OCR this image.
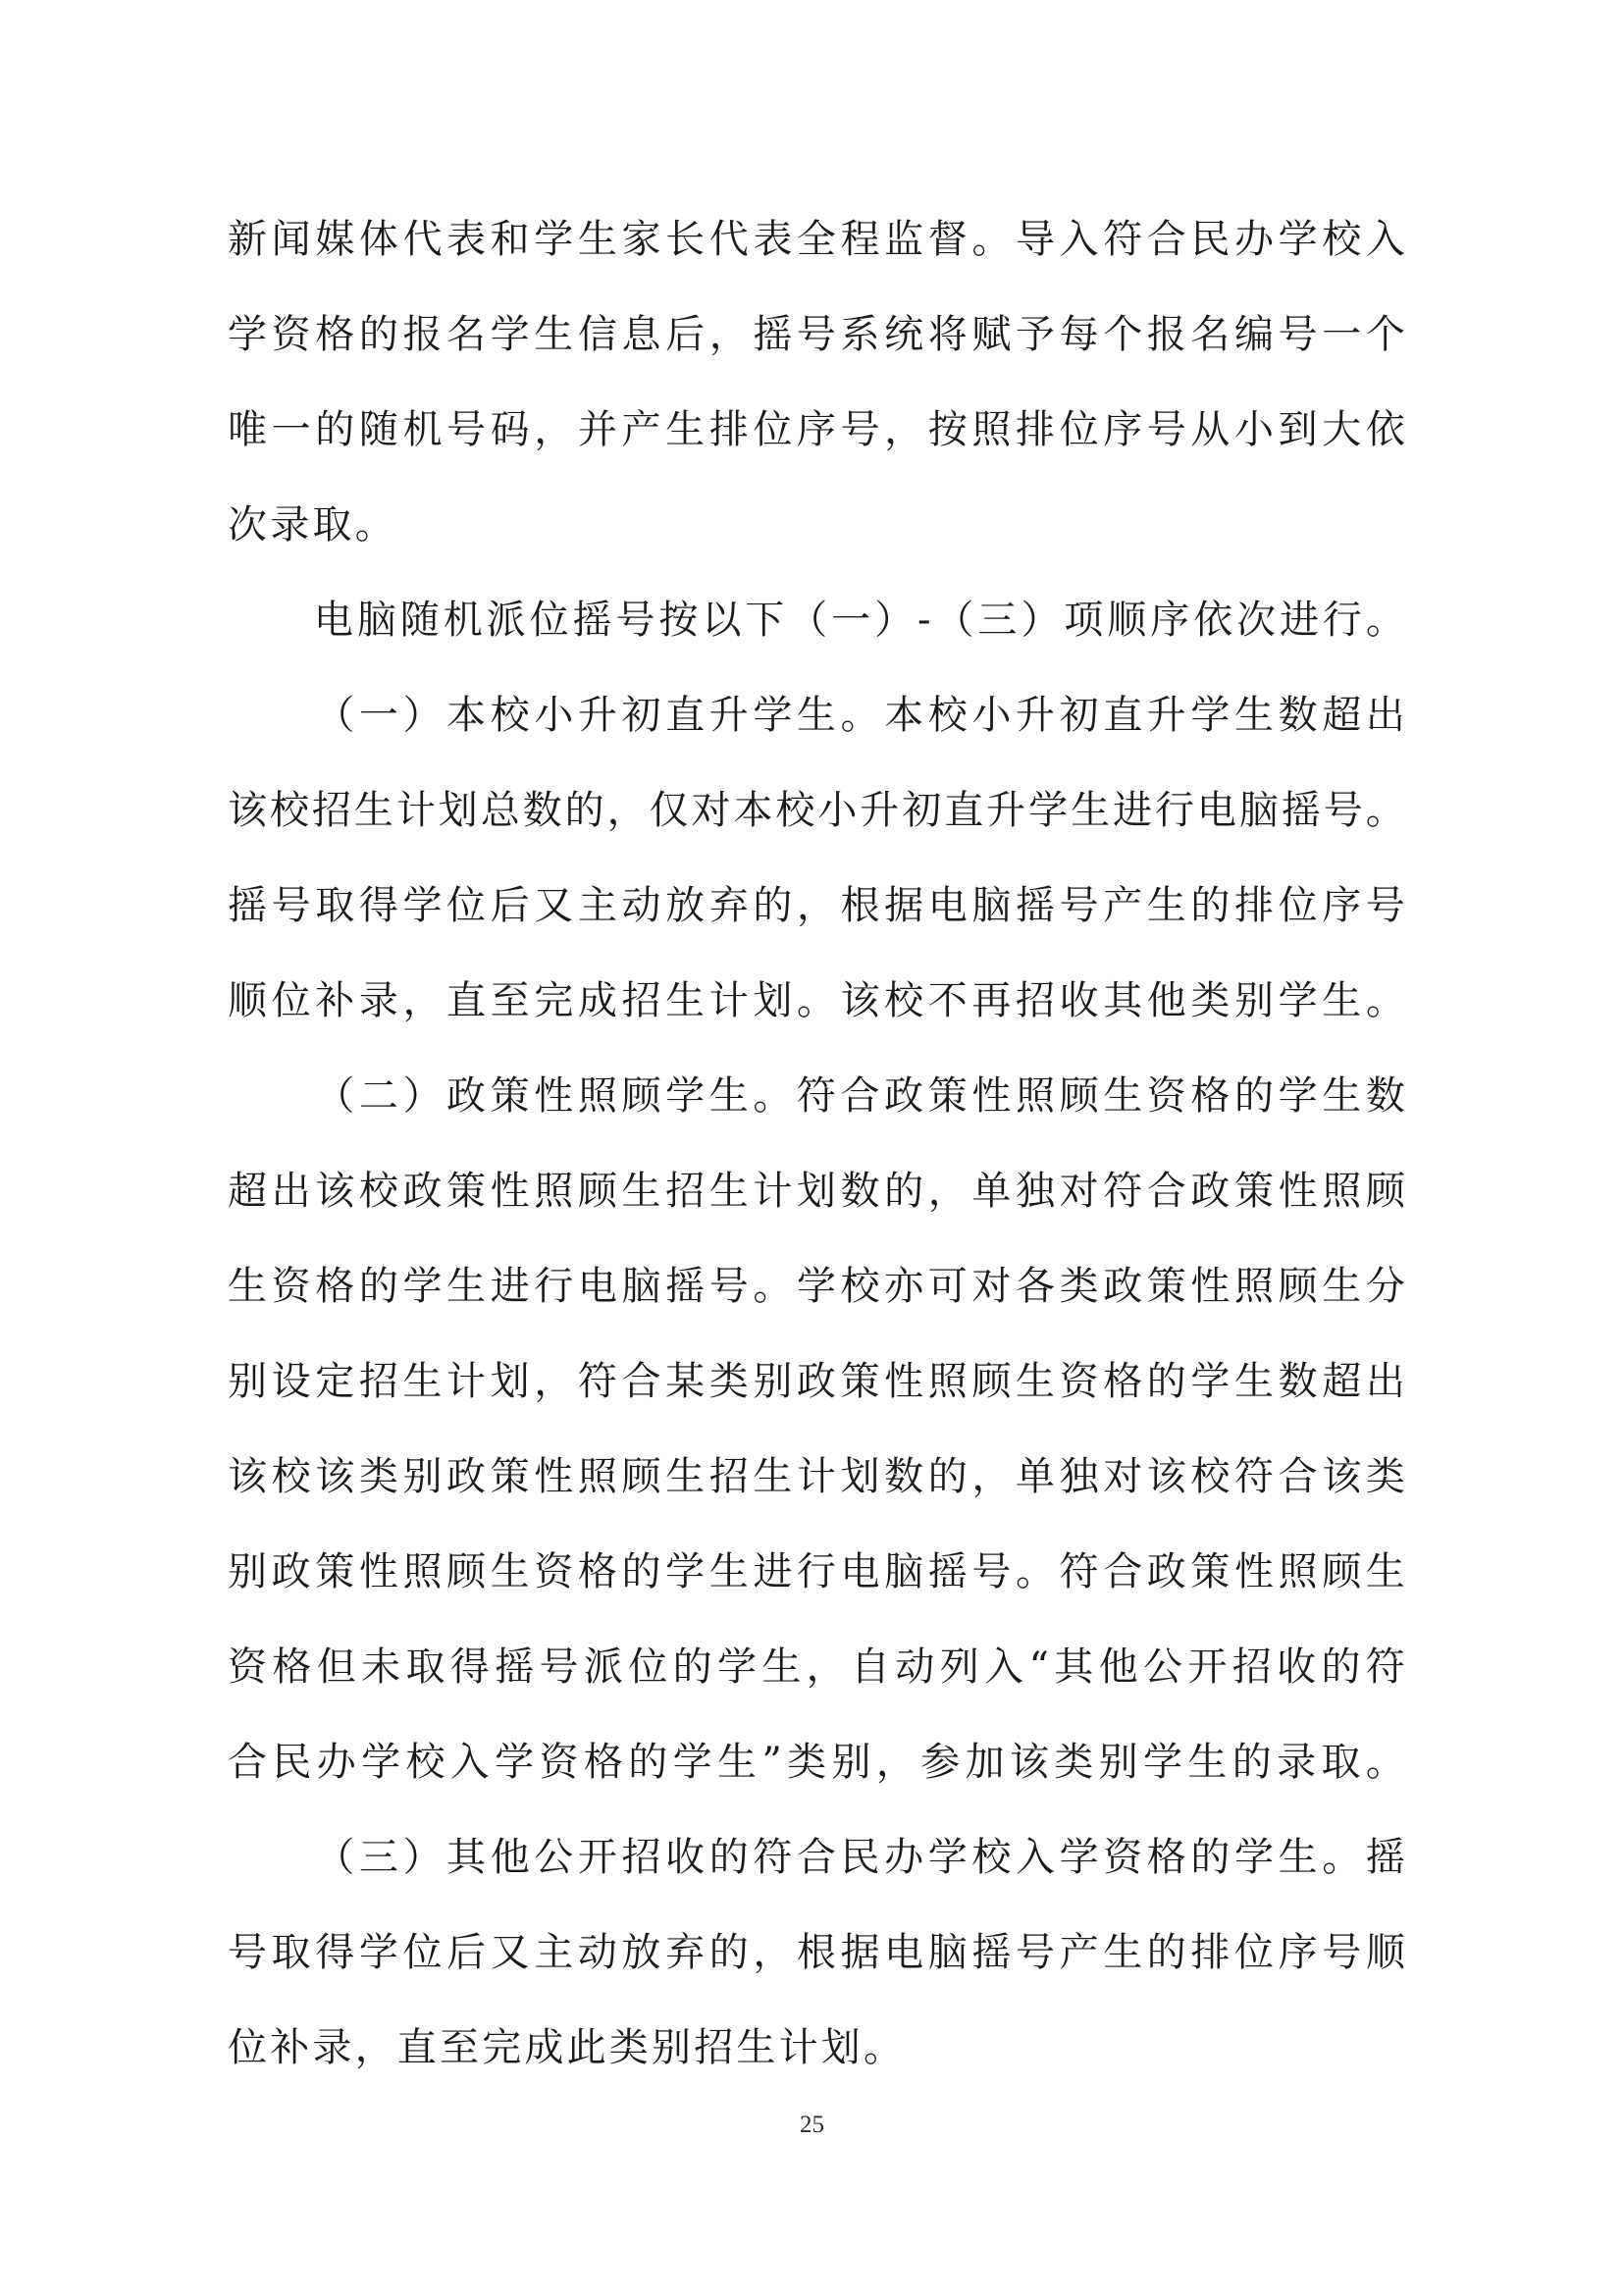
新 闻 媒 体 代 表 和 学 生 家 长 代 表 全 程 监 督 。 导 入 符 合 民 办 学 校 入
学 资 格 的 报 名 学 生 信 息 后 ， 摇 号 系 统 将 赋 予 每 个 报 名 编 号 一 个
唯 一 的 随 机 号 码 ， 并 产 生 排 位 序 号 ， 按 照 排 位 序 号 从 小 到 大 依
次录取。

电 脑 随 机 派 位 摇 号 按 以 下 （ 一 ） - （ 三 ） 项 顺 序 依 次 进 行 。

（ 一 ） 本 校 小 升 初 直 升 学 生 。 本 校 小 升 初 直 升 学 生 数 超 出
该 校 招 生 计 划 总 数 的 ， 仅 对 本 校 小 升 初 直 升 学 生 进 行 电 脑 摇 号 。
摇 号 取 得 学 位 后 又 主 动 放 弃 的 ， 根 据 电 脑 摇 号 产 生 的 排 位 序 号
顺 位 补 录 ， 直 至 完 成 招 生 计 划 。 该 校 不 再 招 收 其 他 类 别 学 生 。

（ 二 ） 政 策 性 照 顾 学 生 。 符 合 政 策 性 照 顾 生 资 格 的 学 生 数
超 出 该 校 政 策 性 照 顾 生 招 生 计 划 数 的 ， 单 独 对 符 合 政 策 性 照 顾
生 资 格 的 学 生 进 行 电 脑 摇 号 。 学 校 亦 可 对 各 类 政 策 性 照 顾 生 分
别 设 定 招 生 计 划 ， 符 合 某 类 别 政 策 性 照 顾 生 资 格 的 学 生 数 超 出
该 校 该 类 别 政 策 性 照 顾 生 招 生 计 划 数 的 ， 单 独 对 该 校 符 合 该 类
别 政 策 性 照 顾 生 资 格 的 学 生 进 行 电 脑 摇 号 。 符 合 政 策 性 照 顾 生
资 格 但 未 取 得 摇 号 派 位 的 学 生 ， 自 动 列 入 “ 其 他 公 开 招 收 的 符
合 民 办 学 校 入 学 资 格 的 学 生 ” 类 别 ， 参 加 该 类 别 学 生 的 录 取 。

（ 三 ） 其 他 公 开 招 收 的 符 合 民 办 学 校 入 学 资 格 的 学 生 。 摇
号 取 得 学 位 后 又 主 动 放 弃 的 ， 根 据 电 脑 摇 号 产 生 的 排 位 序 号 顺
位补录，直至完成此类别招生计划。
25
